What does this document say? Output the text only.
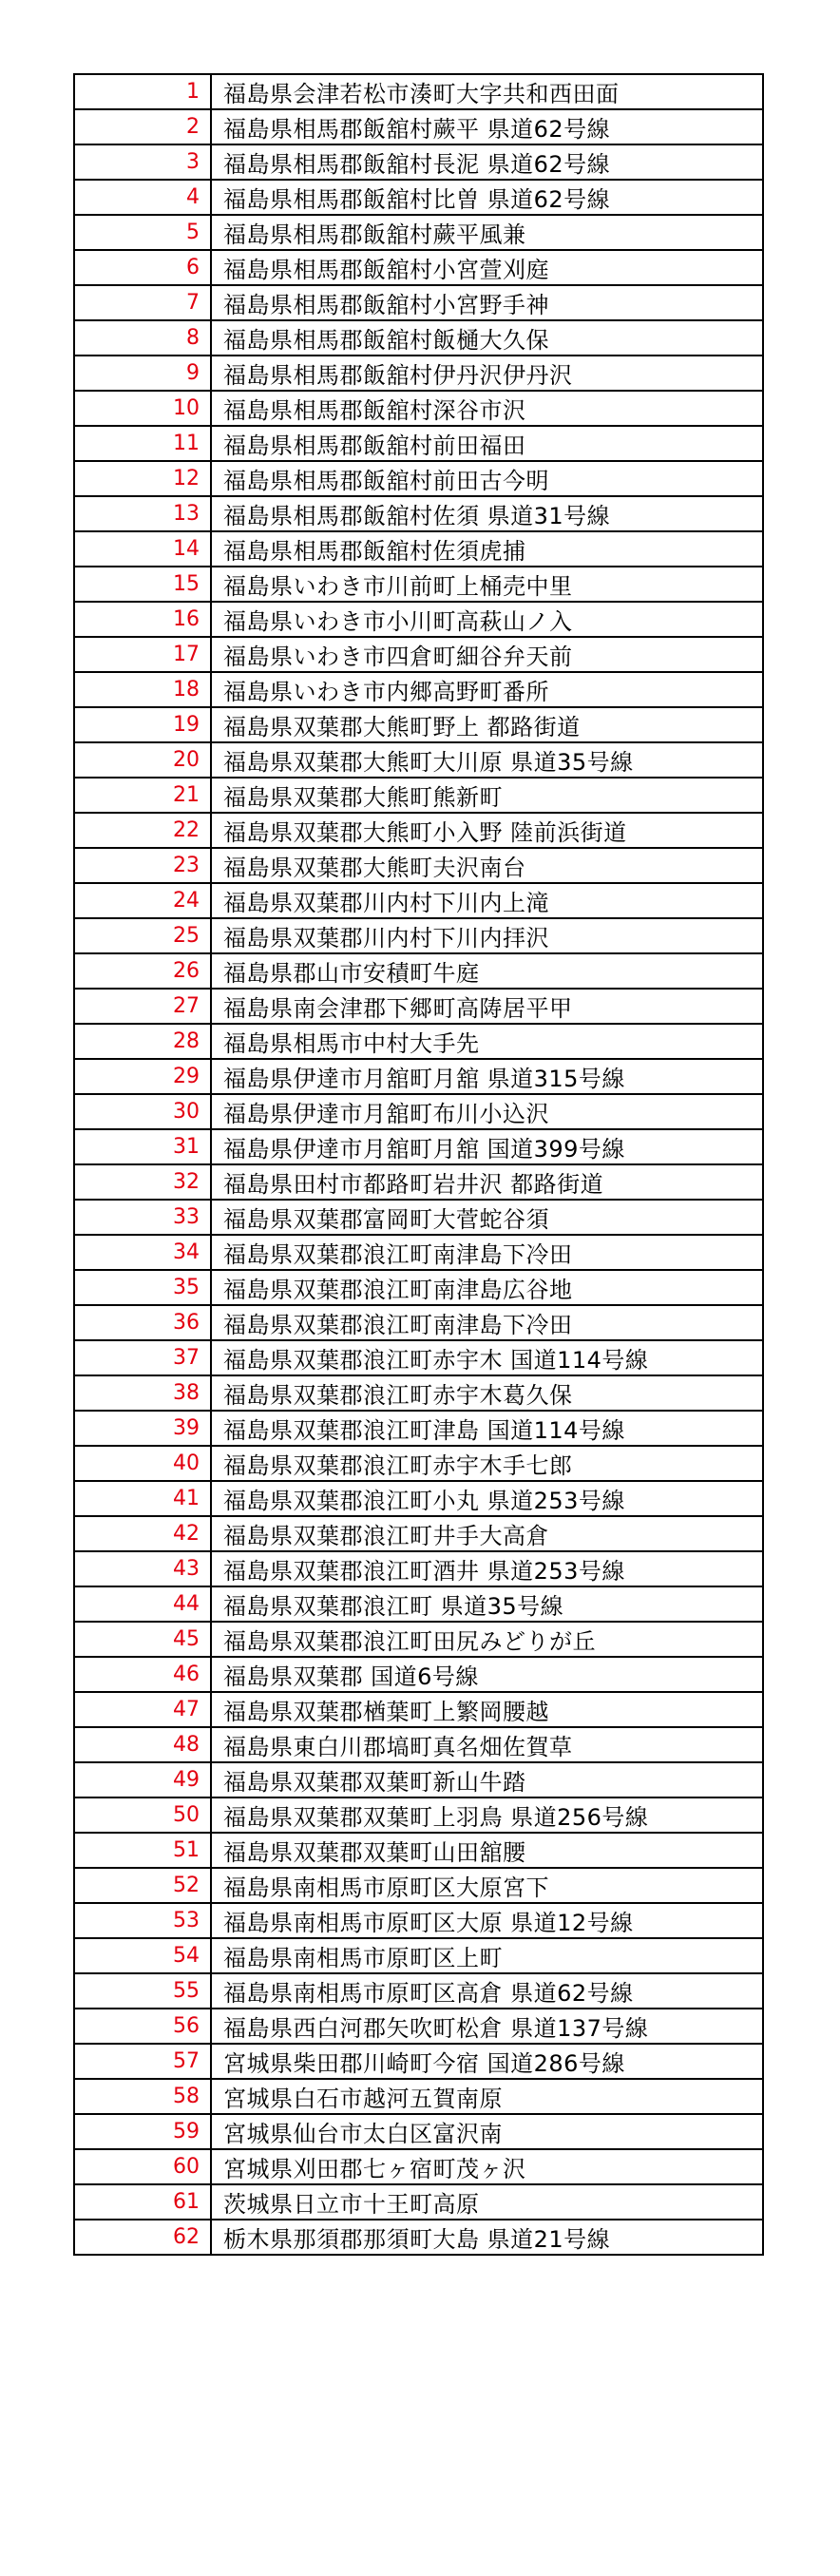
1	福島県会津若松市湊町大字共和西田面
2	福島県相馬郡飯舘村蕨平 県道62号線
3	福島県相馬郡飯舘村長泥 県道62号線
4	福島県相馬郡飯舘村比曽 県道62号線
5	福島県相馬郡飯舘村蕨平風兼
6	福島県相馬郡飯舘村小宮萱刈庭
7	福島県相馬郡飯舘村小宮野手神
8	福島県相馬郡飯舘村飯樋大久保
9	福島県相馬郡飯舘村伊丹沢伊丹沢
10	福島県相馬郡飯舘村深谷市沢
11	福島県相馬郡飯舘村前田福田
12	福島県相馬郡飯舘村前田古今明
13	福島県相馬郡飯舘村佐須 県道31号線
14	福島県相馬郡飯舘村佐須虎捕
15	福島県いわき市川前町上桶売中里
16	福島県いわき市小川町高萩山ノ入
17	福島県いわき市四倉町細谷弁天前
18	福島県いわき市内郷高野町番所
19	福島県双葉郡大熊町野上 都路街道
20	福島県双葉郡大熊町大川原 県道35号線
21	福島県双葉郡大熊町熊新町
22	福島県双葉郡大熊町小入野 陸前浜街道
23	福島県双葉郡大熊町夫沢南台
24	福島県双葉郡川内村下川内上滝
25	福島県双葉郡川内村下川内拝沢
26	福島県郡山市安積町牛庭
27	福島県南会津郡下郷町高陦居平甲
28	福島県相馬市中村大手先
29	福島県伊達市月舘町月舘 県道315号線
30	福島県伊達市月舘町布川小込沢
31	福島県伊達市月舘町月舘 国道399号線
32	福島県田村市都路町岩井沢 都路街道
33	福島県双葉郡富岡町大菅蛇谷須
34	福島県双葉郡浪江町南津島下冷田
35	福島県双葉郡浪江町南津島広谷地
36	福島県双葉郡浪江町南津島下冷田
37	福島県双葉郡浪江町赤宇木 国道114号線
38	福島県双葉郡浪江町赤宇木葛久保
39	福島県双葉郡浪江町津島 国道114号線
40	福島県双葉郡浪江町赤宇木手七郎
41	福島県双葉郡浪江町小丸 県道253号線
42	福島県双葉郡浪江町井手大高倉
43	福島県双葉郡浪江町酒井 県道253号線
44	福島県双葉郡浪江町 県道35号線
45	福島県双葉郡浪江町田尻みどりが丘
46	福島県双葉郡 国道6号線
47	福島県双葉郡楢葉町上繁岡腰越
48	福島県東白川郡塙町真名畑佐賀草
49	福島県双葉郡双葉町新山牛踏
50	福島県双葉郡双葉町上羽鳥 県道256号線
51	福島県双葉郡双葉町山田舘腰
52	福島県南相馬市原町区大原宮下
53	福島県南相馬市原町区大原 県道12号線
54	福島県南相馬市原町区上町
55	福島県南相馬市原町区高倉 県道62号線
56	福島県西白河郡矢吹町松倉 県道137号線
57	宮城県柴田郡川崎町今宿 国道286号線
58	宮城県白石市越河五賀南原
59	宮城県仙台市太白区富沢南
60	宮城県刈田郡七ヶ宿町茂ヶ沢
61	茨城県日立市十王町高原
62	栃木県那須郡那須町大島 県道21号線
